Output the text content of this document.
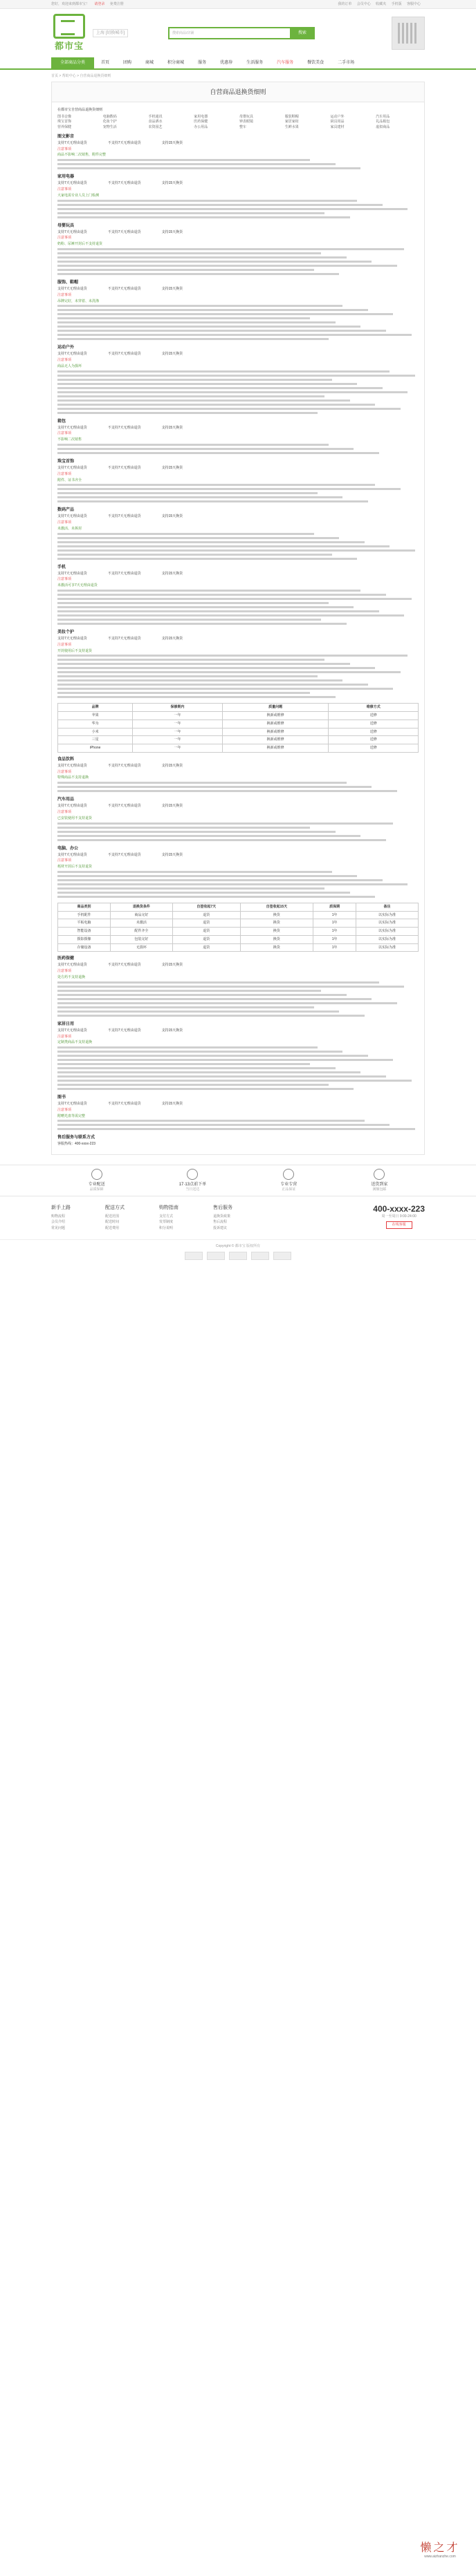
您好，欢迎来到都市宝！ 请登录 免费注册	我的订单 会员中心 收藏夹 手机版 客服中心
都市宝
上海 [切换城市]	搜索商品/店铺	搜索
全部商品分类	首页	团购	商城	积分商城	服务	优惠券	生活服务	汽车服务	餐饮美食	二手市场
首页 > 帮助中心 > 自营商品退换货细则
自营商品退换货细则
在都市宝自营商品退换货细则
图书音像	电脑数码	手机通讯	家用电器	母婴玩具	服装鞋帽	运动户外	汽车用品
珠宝首饰	化妆个护	食品酒水	医药保健	钟表眼镜	家居家纺	厨具用品	礼品箱包
营养保健	宠物生活	农资园艺	办公用品	整车	生鲜水果	家具建材	虚拟商品
图文影音
支持7天无理由退货	不支持7天无理由退货	支持15天换货
注意事项

商品不影响二次销售，附件完整

家用电器
支持7天无理由退货	不支持7天无理由退货	支持15天换货
注意事项

大家电需专业人员上门检测

母婴玩具
支持7天无理由退货	不支持7天无理由退货	支持15天换货
注意事项

奶粉、尿裤开封后不支持退货

服饰、鞋帽
支持7天无理由退货	不支持7天无理由退货	支持15天换货
注意事项

吊牌完好，未穿着、未洗涤

运动户外
支持7天无理由退货	不支持7天无理由退货	支持15天换货
注意事项

商品无人为损坏

箱包
支持7天无理由退货	不支持7天无理由退货	支持15天换货
注意事项

不影响二次销售

珠宝首饰
支持7天无理由退货	不支持7天无理由退货	支持15天换货
注意事项

附件、证书齐全

数码产品
支持7天无理由退货	不支持7天无理由退货	支持15天换货
注意事项

未激活、未拆封

手机
支持7天无理由退货	不支持7天无理由退货	支持15天换货
注意事项

未激活可享7天无理由退货

美妆个护
支持7天无理由退货	不支持7天无理由退货	支持15天换货
注意事项

开封使用后不支持退货

品牌	保修期内	质量问题	维修方式
苹果	一年	换新或维修	送修
华为	一年	换新或维修	送修
小米	一年	换新或维修	送修
三星	一年	换新或维修	送修
iPhone	一年	换新或维修	送修
食品饮料
支持7天无理由退货	不支持7天无理由退货	支持15天换货
注意事项

特殊商品不支持退换

汽车用品
支持7天无理由退货	不支持7天无理由退货	支持15天换货
注意事项

已安装使用不支持退货

电脑、办公
支持7天无理由退货	不支持7天无理由退货	支持15天换货
注意事项

耗材开封后不支持退货

商品类别	退换货条件	自签收起7天	自签收起15天	质保期	备注
手机配件	商品完好	退货	换货	1年	以实际为准
平板电脑	未激活	退货	换货	1年	以实际为准
智能设备	配件齐全	退货	换货	1年	以实际为准
摄影摄像	包装完好	退货	换货	1年	以实际为准
存储设备	无损坏	退货	换货	1年	以实际为准
医药保健
支持7天无理由退货	不支持7天无理由退货	支持15天换货
注意事项

处方药不支持退换

家居日用
支持7天无理由退货	不支持7天无理由退货	支持15天换货
注意事项

定制类商品不支持退换

图书
支持7天无理由退货	不支持7天无理由退货	支持15天换货
注意事项

附赠光盘等需完整

售后服务与联系方式

客服热线：400-xxxx-223

专业配送
品质保障
17·13点前下单
当日送达
专业专营
正品保证
送货到家
满额包邮
新手上路
购物流程
会员介绍
常见问题
配送方式
配送范围
配送时间
配送费用
购物指南
支付方式
发票制度
积分说明
售后服务
退换货政策
售后流程
投诉建议
400-xxxx-223
周一至周日 9:00-24:00
在线客服
Copyright © 都市宝 版权所有
懒之才
www.aizhanzhe.com
